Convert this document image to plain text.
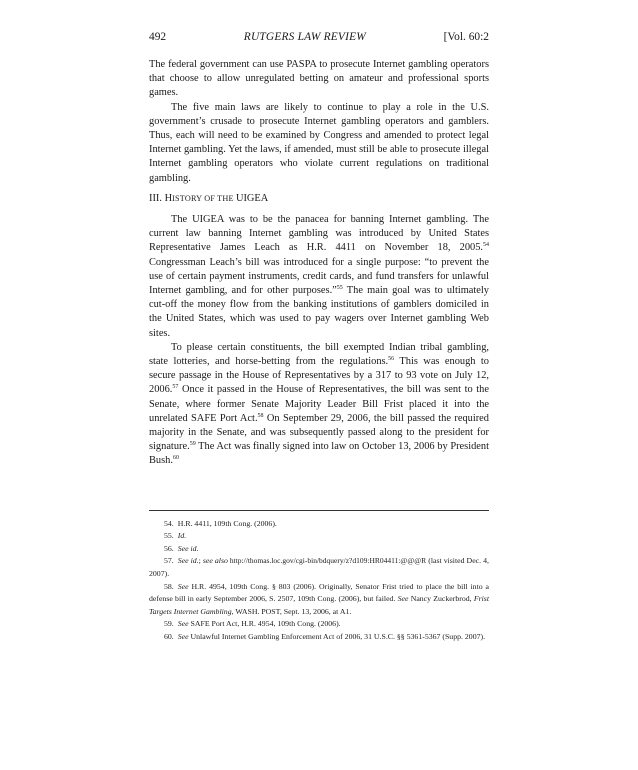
492	RUTGERS LAW REVIEW	[Vol. 60:2

The federal government can use PASPA to prosecute Internet gambling operators that choose to allow unregulated betting on amateur and professional sports games.

The five main laws are likely to continue to play a role in the U.S. government’s crusade to prosecute Internet gambling operators and gamblers. Thus, each will need to be examined by Congress and amended to protect legal Internet gambling. Yet the laws, if amended, must still be able to prosecute illegal Internet gambling operators who violate current regulations on traditional gambling.

III. HISTORY OF THE UIGEA

The UIGEA was to be the panacea for banning Internet gambling. The current law banning Internet gambling was introduced by United States Representative James Leach as H.R. 4411 on November 18, 2005.54 Congressman Leach’s bill was introduced for a single purpose: “to prevent the use of certain payment instruments, credit cards, and fund transfers for unlawful Internet gambling, and for other purposes.”$^{55}$ The main goal was to ultimately cut-off the money flow from the banking institutions of gamblers domiciled in the United States, which was used to pay wagers over Internet gambling Web sites.

To please certain constituents, the bill exempted Indian tribal gambling, state lotteries, and horse-betting from the regulations.$^{56}$ This was enough to secure passage in the House of Representatives by a 317 to 93 vote on July 12, 2006.57 Once it passed in the House of Representatives, the bill was sent to the Senate, where former Senate Majority Leader Bill Frist placed it into the unrelated SAFE Port Act.$^{58}$ On September 29, 2006, the bill passed the required majority in the Senate, and was subsequently passed along to the president for signature.$^{59}$ The Act was finally signed into law on October 13, 2006 by President Bush.$^{60}$

54. H.R. 4411, 109th Cong. (2006).
55. Id.
56. See id.
57. See id.; see also http://thomas.loc.gov/cgi-bin/bdquery/z?d109:HR04411:@@@R (last visited Dec. 4, 2007).
58. See H.R. 4954, 109th Cong. § 803 (2006). Originally, Senator Frist tried to place the bill into a defense bill in early September 2006, S. 2507, 109th Cong. (2006), but failed. See Nancy Zuckerbrod, Frist Targets Internet Gambling, WASH. POST, Sept. 13, 2006, at A1.
59. See SAFE Port Act, H.R. 4954, 109th Cong. (2006).
60. See Unlawful Internet Gambling Enforcement Act of 2006, 31 U.S.C. §§ 5361-5367 (Supp. 2007).
